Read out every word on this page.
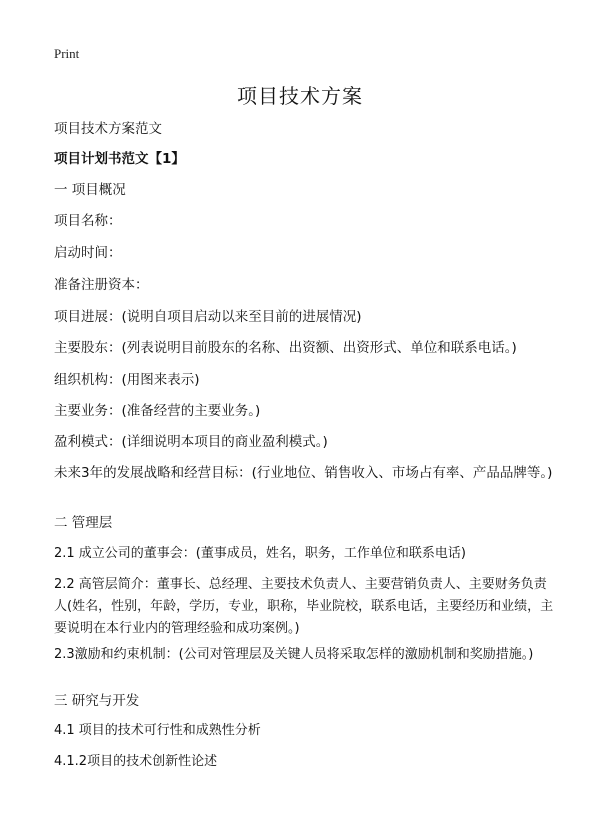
Print
项目技术方案

项目技术方案范文

项目计划书范文【1】

一 项目概况

项目名称：

启动时间：

准备注册资本：

项目进展：(说明自项目启动以来至目前的进展情况)

主要股东：(列表说明目前股东的名称、出资额、出资形式、单位和联系电话。)

组织机构：(用图来表示)

主要业务：(准备经营的主要业务。)

盈利模式：(详细说明本项目的商业盈利模式。)

未来3年的发展战略和经营目标：(行业地位、销售收入、市场占有率、产品品牌等。)

二 管理层

2.1 成立公司的董事会：(董事成员，姓名，职务，工作单位和联系电话)

2.2 高管层简介：董事长、总经理、主要技术负责人、主要营销负责人、主要财务负责人(姓名，性别，年龄，学历，专业，职称，毕业院校，联系电话，主要经历和业绩，主要说明在本行业内的管理经验和成功案例。)

2.3激励和约束机制：(公司对管理层及关键人员将采取怎样的激励机制和奖励措施。)

三 研究与开发

4.1 项目的技术可行性和成熟性分析

4.1.2项目的技术创新性论述
